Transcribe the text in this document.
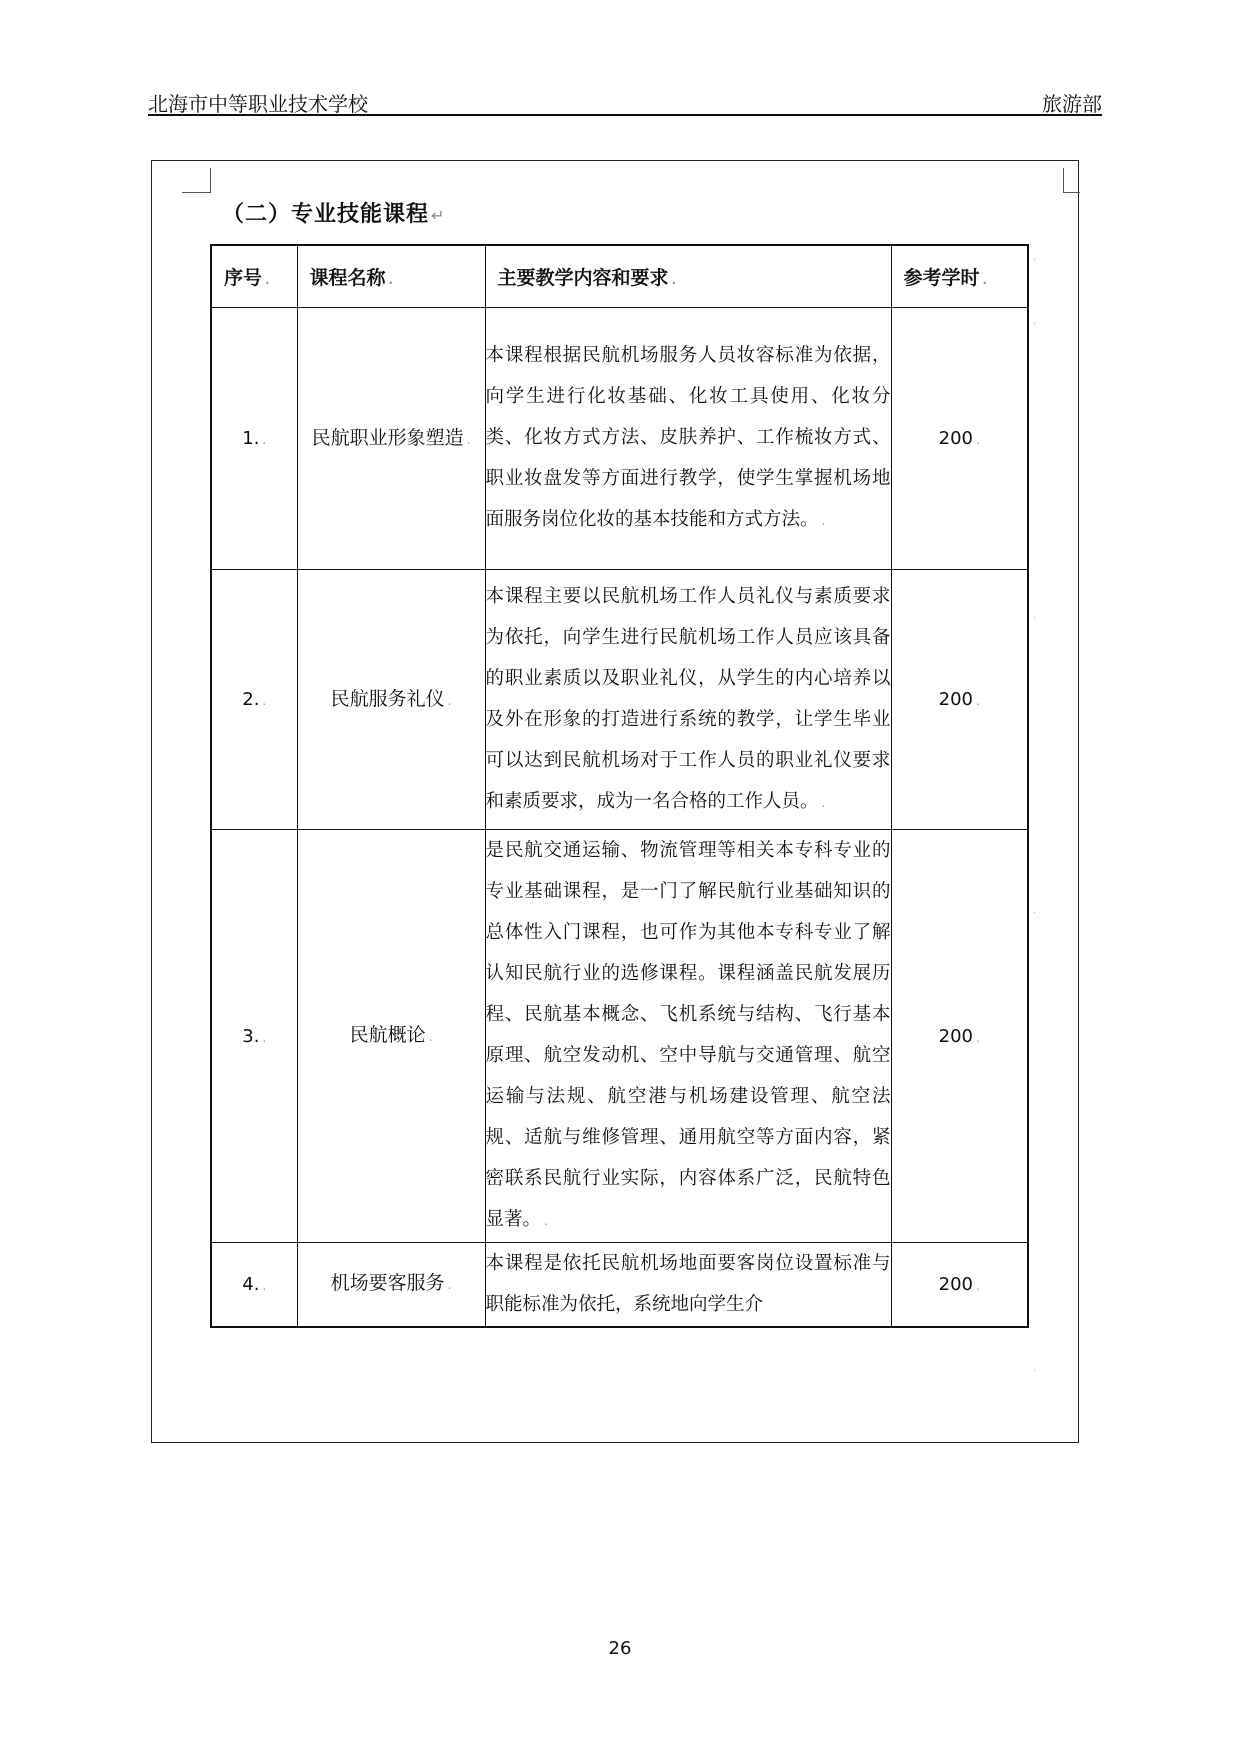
北海市中等职业技术学校	旅游部
（二）专业技能课程 ↵
序号 .	课程名称 .	主要教学内容和要求 .	参考学时 .
1. .	民航职业形象塑造 .	本课程根据民航机场服务人员妆容标准为依据， 向学生进行化妆基础、化妆工具使用、化妆分类、化妆方式方法、皮肤养护、工作梳妆方式、职业妆盘发等方面进行教学，使学生掌握机场地面服务岗位化妆的基本技能和方式方法。 .	200 .
2. .	民航服务礼仪 .	本课程主要以民航机场工作人员礼仪与素质要求为依托，向学生进行民航机场工作人员应该具备的职业素质以及职业礼仪，从学生的内心培养以及外在形象的打造进行系统的教学，让学生毕业可以达到民航机场对于工作人员的职业礼仪要求和素质要求，成为一名合格的工作人员。 .	200 .
3. .	民航概论 .	是民航交通运输、物流管理等相关本专科专业的专业基础课程，是一门了解民航行业基础知识的总体性入门课程，也可作为其他本专科专业了解认知民航行业的选修课程。课程涵盖民航发展历程、民航基本概念、飞机系统与结构、飞行基本原理、航空发动机、空中导航与交通管理、航空运输与法规、航空港与机场建设管理、航空法规、适航与维修管理、通用航空等方面内容，紧密联系民航行业实际，内容体系广泛，民航特色显著。 .	200 .
4. .	机场要客服务 .	本课程是依托民航机场地面要客岗位设置标准与职能标准为依托，系统地向学生介	200 .
.
.
.
.
.
26
